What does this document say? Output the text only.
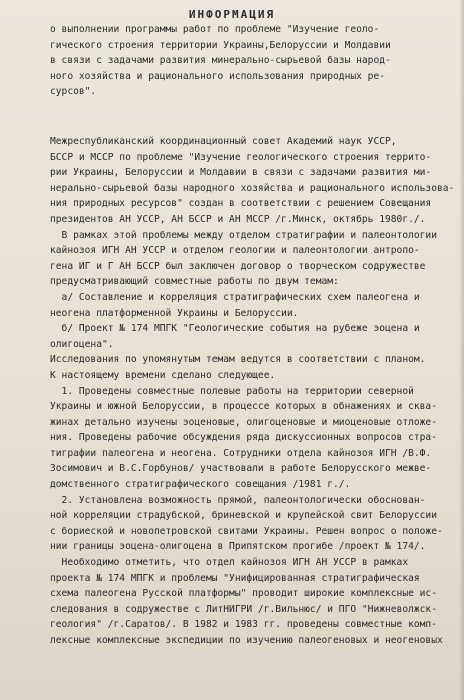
ИНФОРМАЦИЯ
о выполнении программы работ по проблеме "Изучение геоло-
гического строения территории Украины,Белоруссии и Молдавии
в связи с задачами развития минерально-сырьевой базы народ-
ного хозяйства и рационального использования природных ре-
сурсов".
Межреспубликанский координационный совет Академий наук УССР,
БССР и МССР по проблеме "Изучение геологического строения террито-
рии Украины, Белоруссии и Молдавии в связи с задачами развития ми-
нерально-сырьевой базы народного хозяйства и рационального использова-
ния природных ресурсов" создан в соответствии с решением Совещания
президентов АН УССР, АН БССР и АН МССР /г.Минск, октябрь 1980г./.
В рамках этой проблемы между отделом стратиграфии и палеонтологии
кайнозоя ИГН АН УССР и отделом геологии и палеонтологии антропо-
гена ИГ и Г АН БССР был заключен договор о творческом содружестве
предусматривающий совместные работы по двум темам:
а/ Составление и корреляция стратиграфических схем палеогена и
неогена платформенной Украины и Белоруссии.
б/ Проект № 174 МПГК "Геологические события на рубеже эоцена и
олигоцена".
Исследования по упомянутым темам ведутся в соответствии с планом.
К настоящему времени сделано следующее.
1. Проведены совместные полевые работы на территории северной
Украины и южной Белоруссии, в процессе которых в обнажениях и сква-
жинах детально изучены эоценовые, олигоценовые и миоценовые отложе-
ния. Проведены рабочие обсуждения ряда дискуссионных вопросов стра-
тиграфии палеогена и неогена. Сотрудники отдела кайнозоя ИГН /В.Ф.
Зосимович и В.С.Горбунов/ участвовали в работе Белорусского межве-
домственного стратиграфического совещания /1981 г./.
2. Установлена возможность прямой, палеонтологически обоснован-
ной корреляции страдубской, бриневской и крупейской свит Белоруссии
с бориеской и новопетровской свитами Украины. Решен вопрос о положе-
нии границы эоцена-олигоцена в Припятском прогибе /проект № 174/.
Необходимо отметить, что отдел кайнозоя ИГН АН УССР в рамках
проекта № 174 МПГК и проблемы "Унифицированная стратиграфическая
схема палеогена Русской платформы" проводит широкие комплексные ис-
следования в содружестве с ЛитНИГРИ /г.Вильнюс/ и ПГО "Нижневолжск-
геология" /г.Саратов/. В 1982 и 1983 гг. проведены совместные комп-
лексные комплексные экспедиции по изучению палеогеновых и неогеновых
